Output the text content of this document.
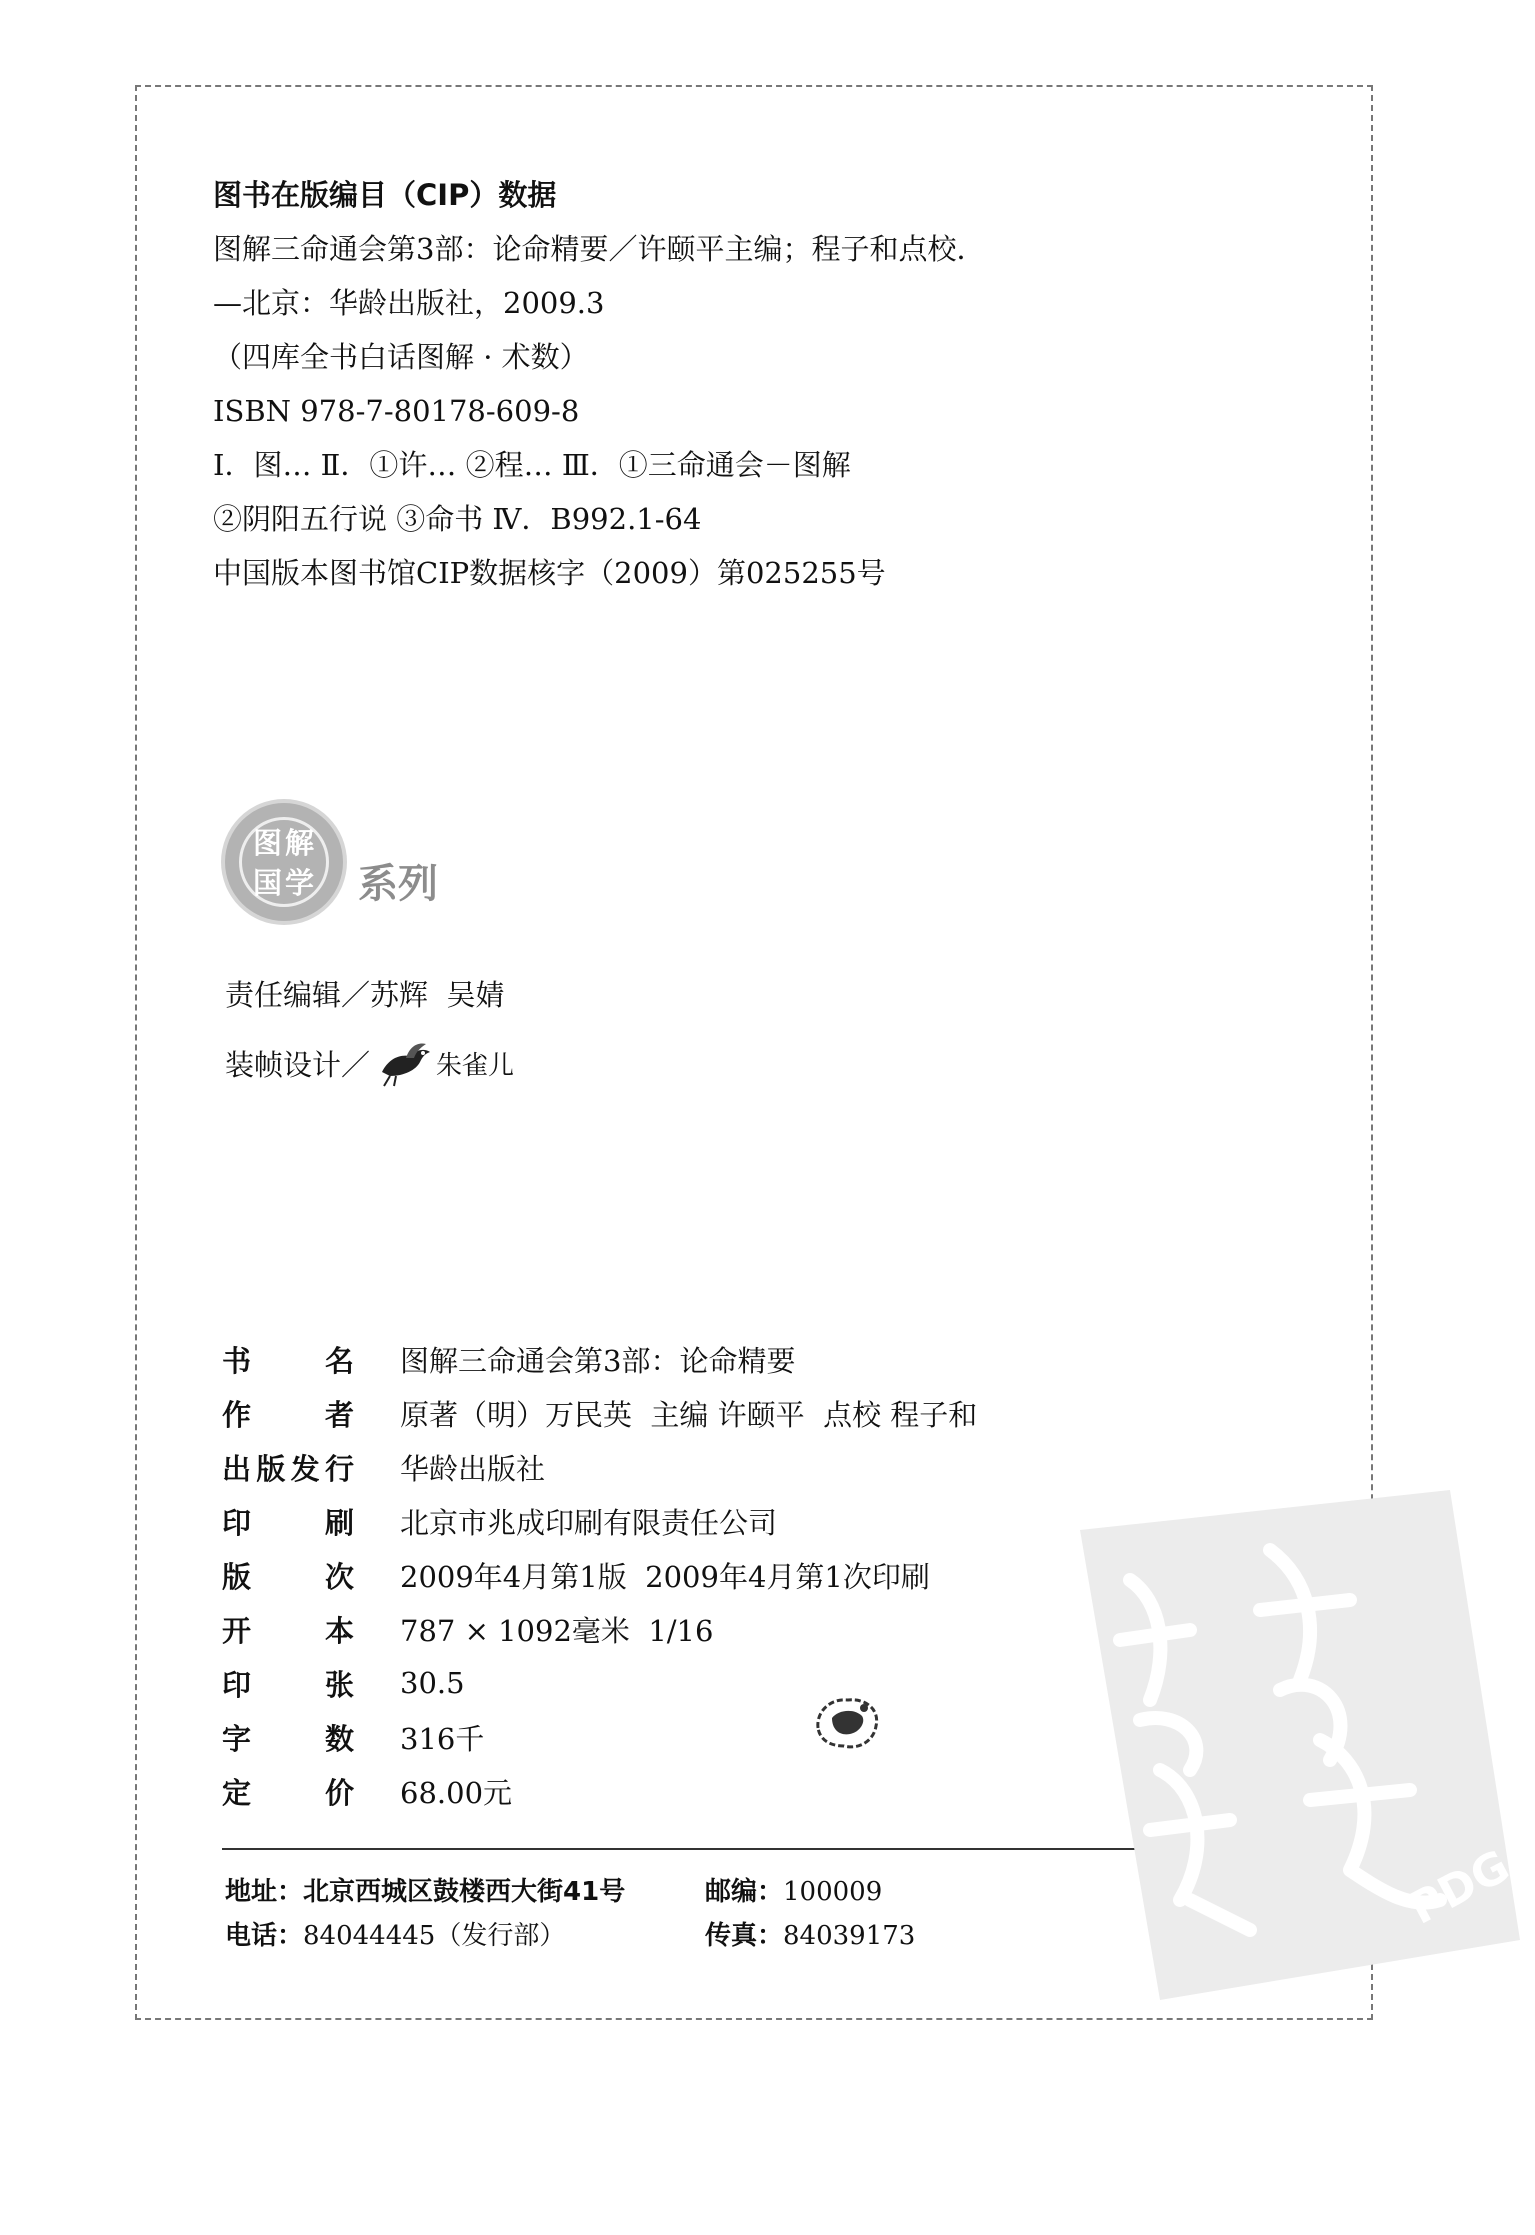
图书在版编目（CIP）数据
图解三命通会第3部：论命精要／许颐平主编；程子和点校．
—北京：华龄出版社，2009.3
（四库全书白话图解 · 术数）
ISBN 978-7-80178-609-8
Ⅰ．图… Ⅱ．①许… ②程… Ⅲ．①三命通会－图解
②阴阳五行说 ③命书 Ⅳ．B992.1-64
中国版本图书馆CIP数据核字（2009）第025255号
图 解
国 学 系列
责任编辑／ 苏辉  吴婧
装帧设计／	朱雀儿
书名	图解三命通会第3部：论命精要

作者	原著（明）万民英  主编 许颐平  点校 程子和

出版发行	华龄出版社

印刷	北京市兆成印刷有限责任公司

版次	2009年4月第1版  2009年4月第1次印刷

开本	787 × 1092毫米  1/16

印张	30.5

字数	316千

定价	68.00元
地址：北京西城区鼓楼西大街41号	邮编：100009
电话：84044445（发行部）	传真：84039173
PDG
